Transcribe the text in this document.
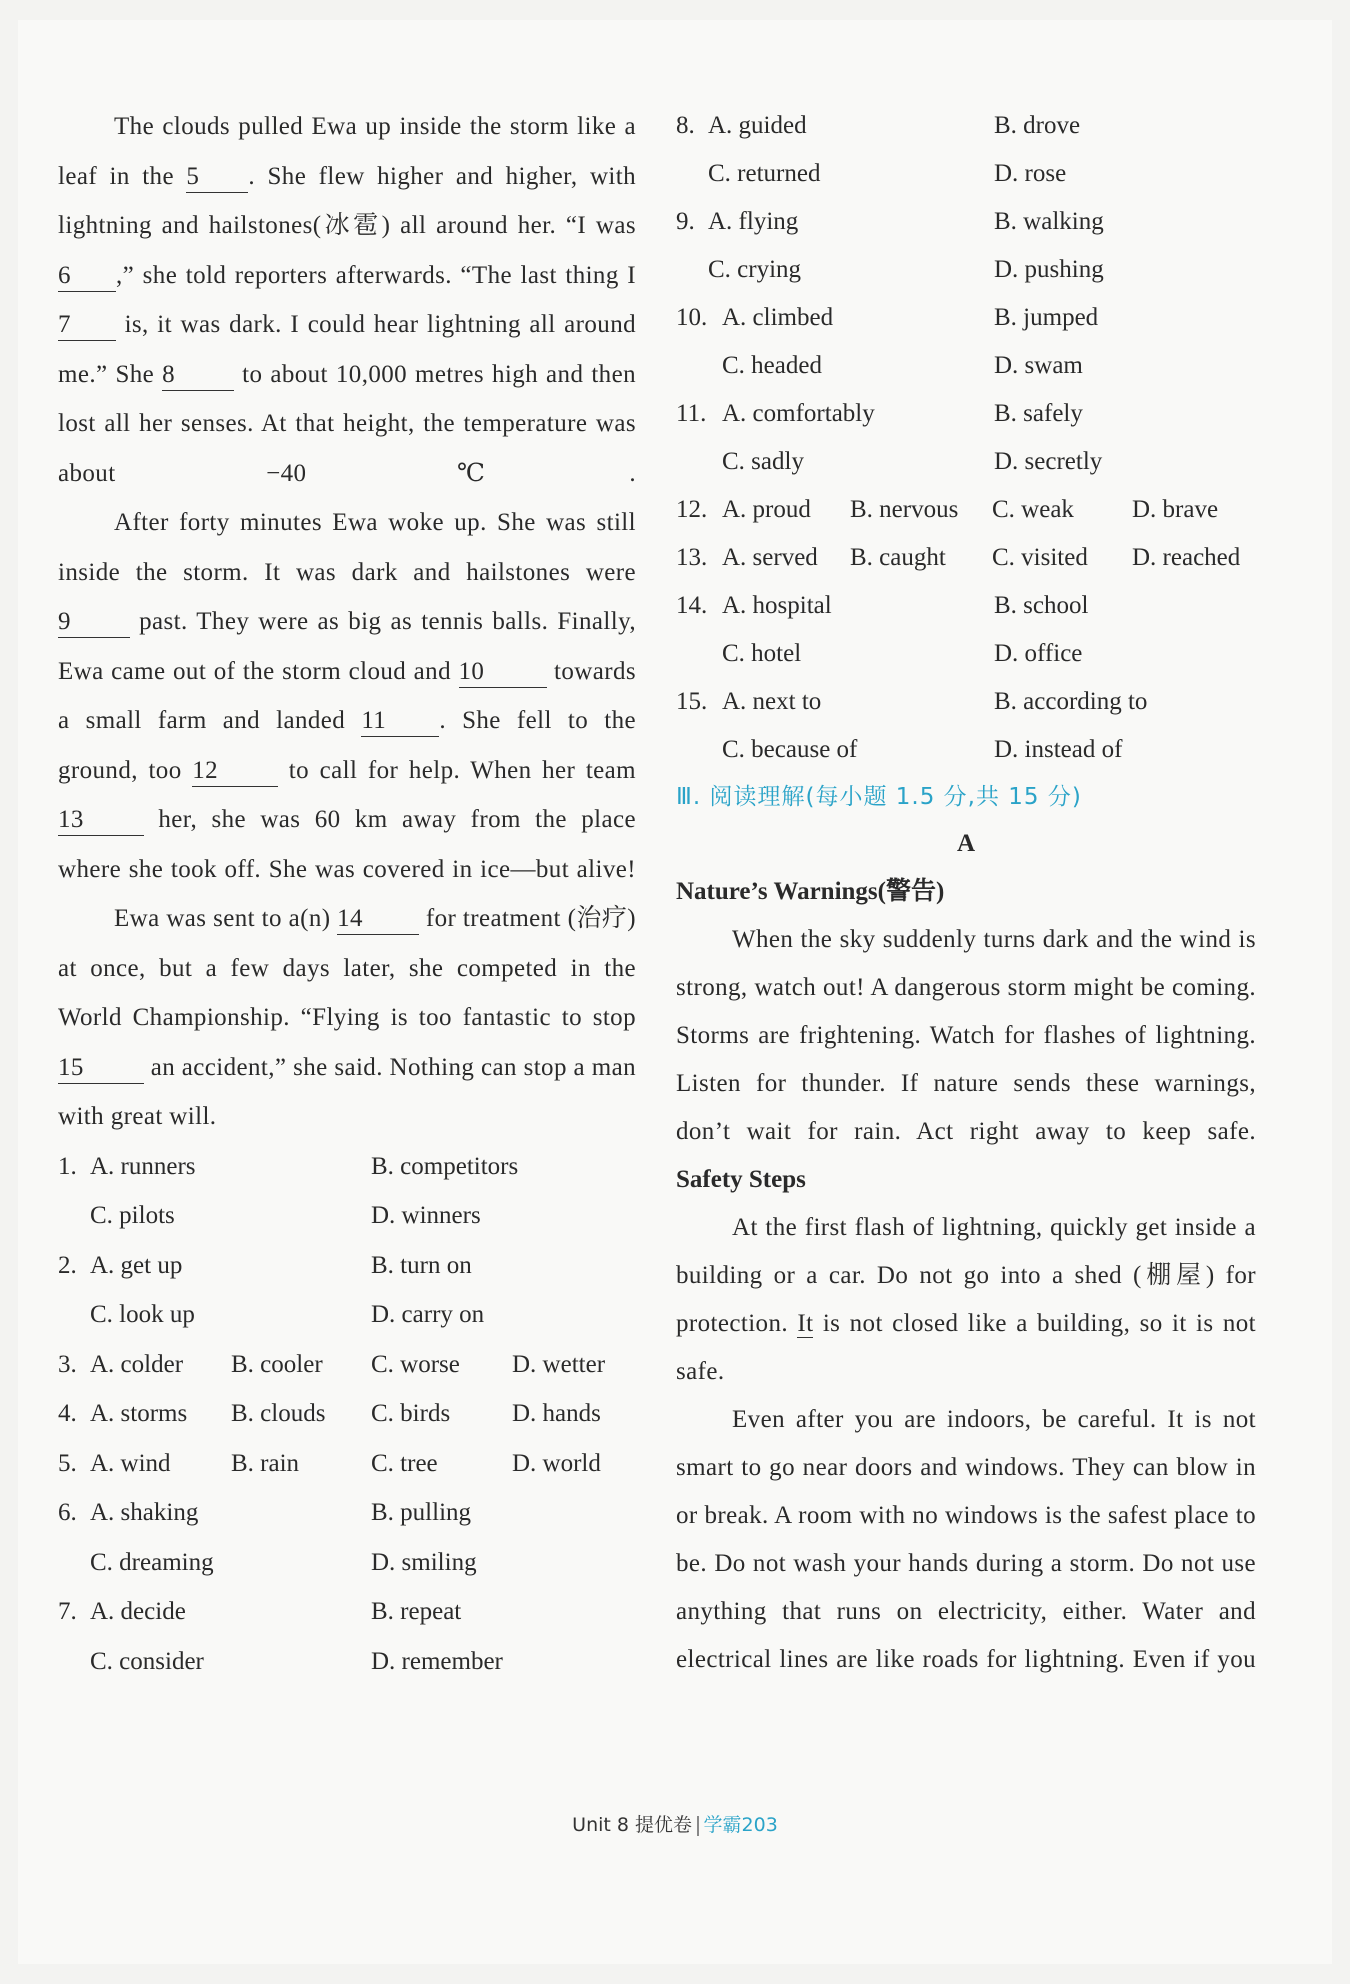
The clouds pulled Ewa up inside the storm like a leaf in the 5 . She flew higher and higher, with lightning and hailstones(冰雹) all around her. “I was 6 ,” she told reporters afterwards. “The last thing I 7 is, it was dark. I could hear lightning all around me.” She 8	to about 10,000 metres high and then lost all her senses. At that height, the temperature was about −40 ℃.
After forty minutes Ewa woke up. She was still inside the storm. It was dark and hailstones were 9	past. They were as big as tennis balls. Finally, Ewa came out of the storm cloud and 10	towards a small farm and landed 11 . She fell to the ground, too 12	to call for help. When her team 13	her, she was 60 km away from the place where she took off. She was covered in ice—but alive!
Ewa was sent to a(n) 14	for treatment (治疗) at once, but a few days later, she competed in the World Championship. “Flying is too fantastic to stop 15	an accident,” she said. Nothing can stop a man with great will.
1. A. runners	B. competitors
C. pilots	D. winners
2. A. get up	B. turn on
C. look up	D. carry on
3. A. colder B. cooler C. worse D. wetter
4. A. storms B. clouds C. birds D. hands
5. A. wind B. rain	C. tree	D. world
6. A. shaking	B. pulling
C. dreaming	D. smiling
7. A. decide	B. repeat
C. consider	D. remember
8. A. guided	B. drove
C. returned	D. rose
9. A. flying	B. walking
C. crying	D. pushing
10. A. climbed	B. jumped
C. headed	D. swam
11. A. comfortably	B. safely
C. sadly	D. secretly
12. A. proud B. nervous C. weak D. brave
13. A. served B. caught C. visited D. reached
14. A. hospital	B. school
C. hotel	D. office
15. A. next to	B. according to
C. because of	D. instead of
Ⅲ. 阅读理解(每小题 1.5 分,共 15 分)
A
Nature’s Warnings(警告)
When the sky suddenly turns dark and the wind is strong, watch out! A dangerous storm might be coming. Storms are frightening. Watch for flashes of lightning. Listen for thunder. If nature sends these warnings, don’t wait for rain. Act right away to keep safe.
Safety Steps
At the first flash of lightning, quickly get inside a building or a car. Do not go into a shed (棚屋) for protection. It is not closed like a building, so it is not safe.
Even after you are indoors, be careful. It is not smart to go near doors and windows. They can blow in or break. A room with no windows is the safest place to be. Do not wash your hands during a storm. Do not use anything that runs on electricity, either. Water and electrical lines are like roads for lightning. Even if you
Unit 8 提优卷 学霸203
